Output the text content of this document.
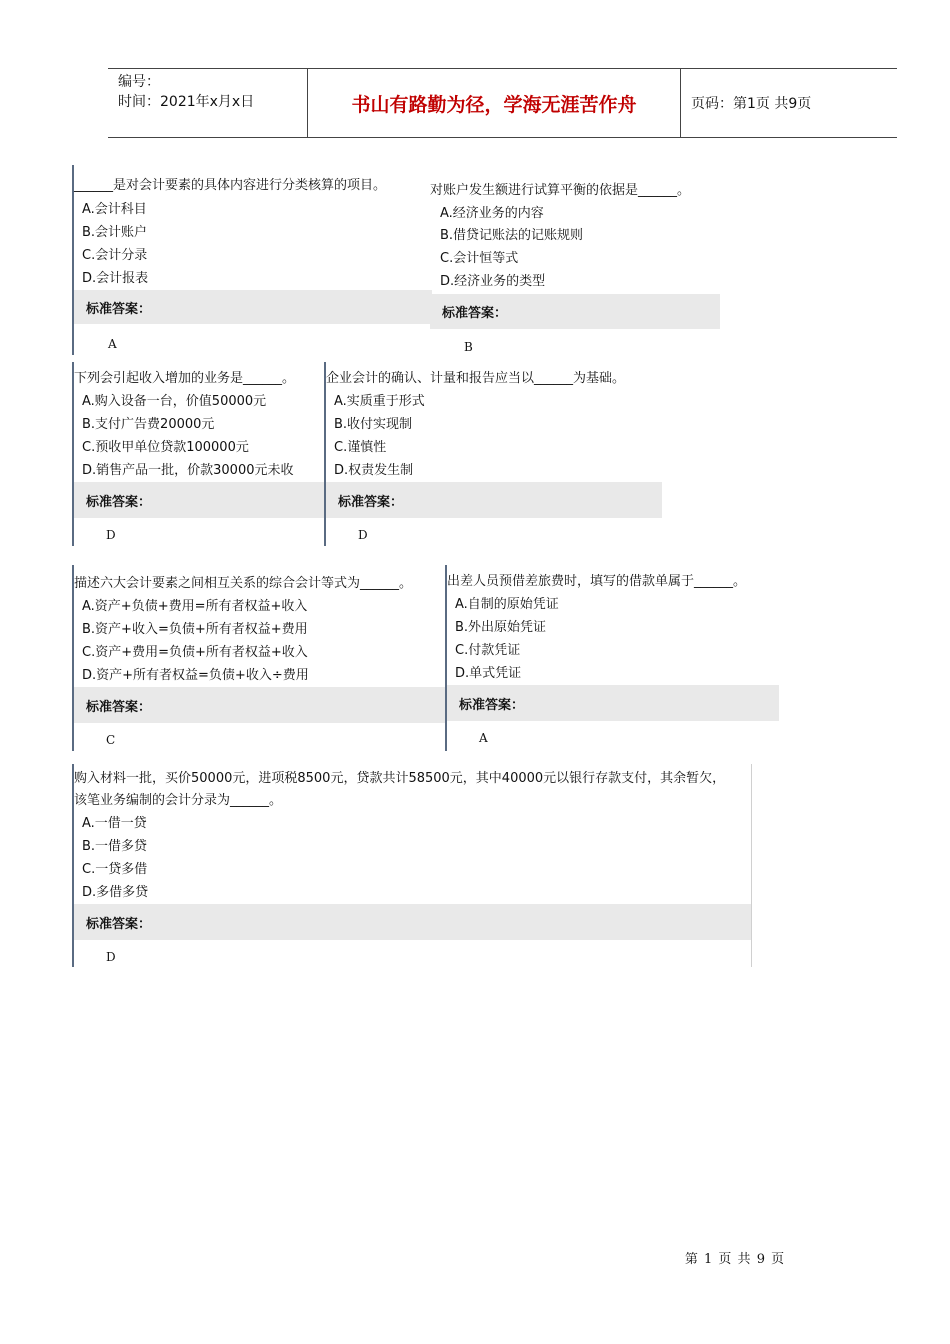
编号：
时间：2021年x月x日	书山有路勤为径，学海无涯苦作舟	页码：第1页 共9页
______是对会计要素的具体内容进行分类核算的项目。
A.会计科目
B.会计账户
C.会计分录
D.会计报表
标准答案：
A
对账户发生额进行试算平衡的依据是______。
A.经济业务的内容
B.借贷记账法的记账规则
C.会计恒等式
D.经济业务的类型
标准答案：
B
下列会引起收入增加的业务是______。
A.购入设备一台，价值50000元
B.支付广告费20000元
C.预收甲单位贷款100000元
D.销售产品一批，价款30000元未收
标准答案：
D
企业会计的确认、计量和报告应当以______为基础。
A.实质重于形式
B.收付实现制
C.谨慎性
D.权责发生制
标准答案：
D
描述六大会计要素之间相互关系的综合会计等式为______。
A.资产+负债+费用=所有者权益+收入
B.资产+收入=负债+所有者权益+费用
C.资产+费用=负债+所有者权益+收入
D.资产+所有者权益=负债+收入÷费用
标准答案：
C
出差人员预借差旅费时，填写的借款单属于______。
A.自制的原始凭证
B.外出原始凭证
C.付款凭证
D.单式凭证
标准答案：
A
购入材料一批，买价50000元，进项税8500元，贷款共计58500元，其中40000元以银行存款支付，其余暂欠，该笔业务编制的会计分录为______。
A.一借一贷
B.一借多贷
C.一贷多借
D.多借多贷
标准答案：
D
第 1 页 共 9 页
